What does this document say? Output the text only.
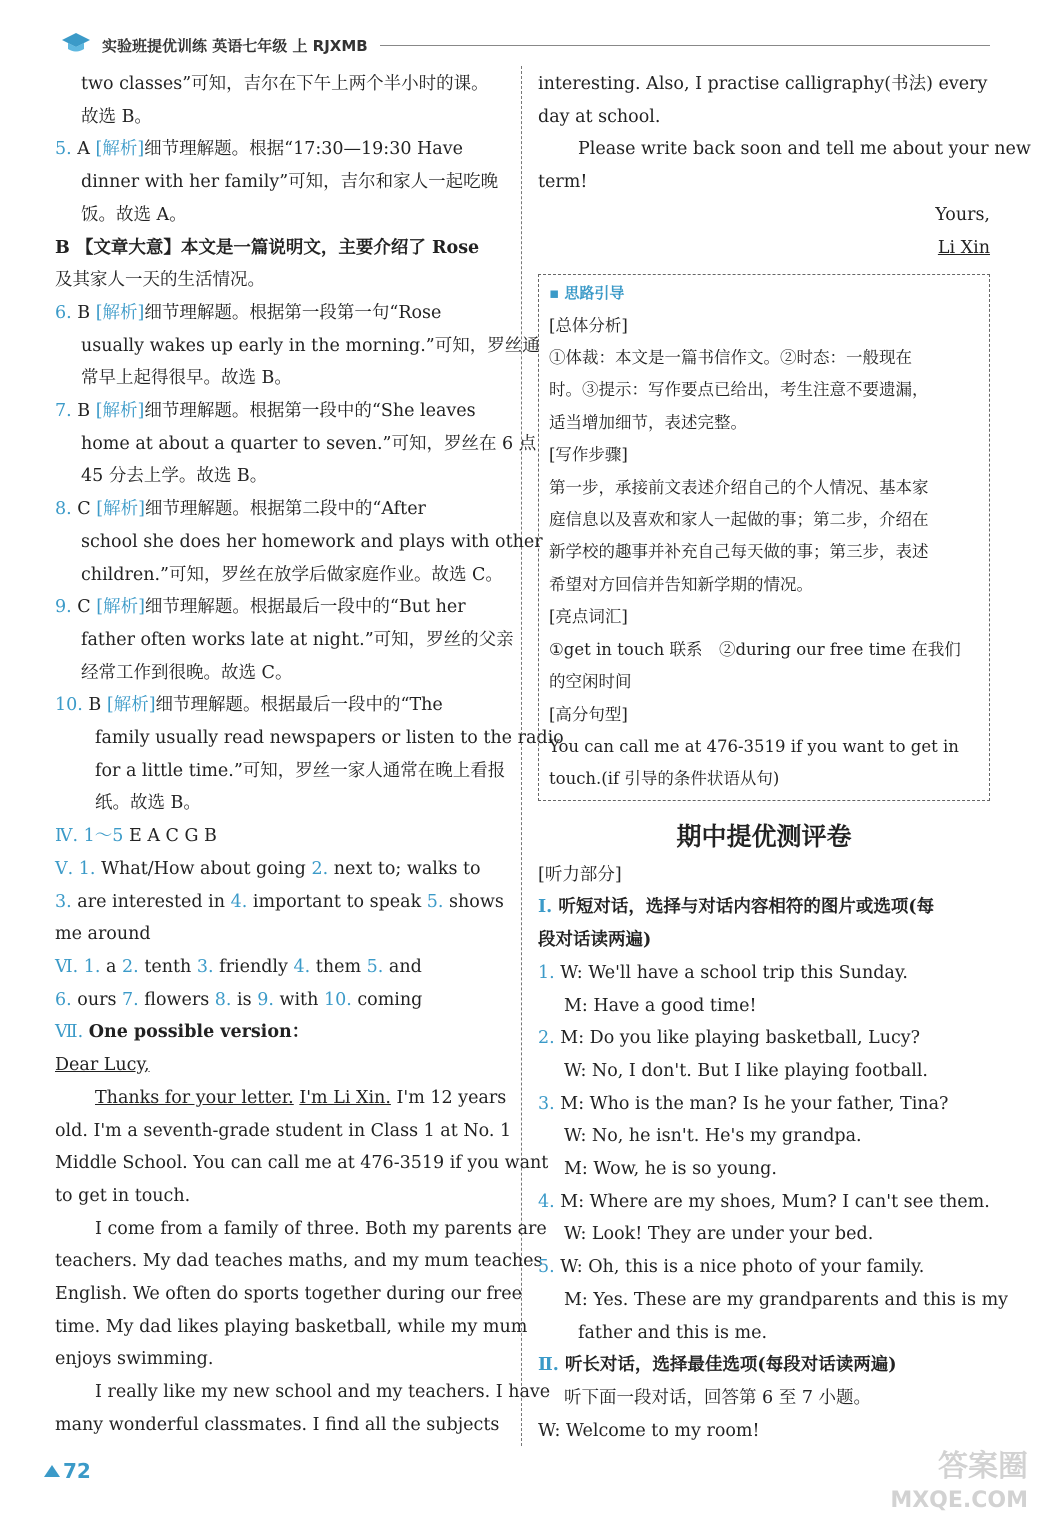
实验班提优训练 英语七年级 上 RJXMB
two classes”可知，吉尔在下午上两个半小时的课。
故选 B。
5. A [解析]细节理解题。根据“17:30—19:30 Have
dinner with her family”可知，吉尔和家人一起吃晚
饭。故选 A。
B 【文章大意】本文是一篇说明文，主要介绍了 Rose
及其家人一天的生活情况。
6. B [解析]细节理解题。根据第一段第一句“Rose
usually wakes up early in the morning.”可知，罗丝通
常早上起得很早。故选 B。
7. B [解析]细节理解题。根据第一段中的“She leaves
home at about a quarter to seven.”可知，罗丝在 6 点
45 分去上学。故选 B。
8. C [解析]细节理解题。根据第二段中的“After
school she does her homework and plays with other
children.”可知，罗丝在放学后做家庭作业。故选 C。
9. C [解析]细节理解题。根据最后一段中的“But her
father often works late at night.”可知，罗丝的父亲
经常工作到很晚。故选 C。
10. B [解析]细节理解题。根据最后一段中的“The
family usually read newspapers or listen to the radio
for a little time.”可知，罗丝一家人通常在晚上看报
纸。故选 B。
Ⅳ. 1～5 E A C G B
Ⅴ. 1. What/How about going 2. next to; walks to
3. are interested in 4. important to speak 5. shows
me around
Ⅵ. 1. a 2. tenth 3. friendly 4. them 5. and
6. ours 7. flowers 8. is 9. with 10. coming
Ⅶ. One possible version：
Dear Lucy,
Thanks for your letter. I'm Li Xin. I'm 12 years
old. I'm a seventh-grade student in Class 1 at No. 1
Middle School. You can call me at 476-3519 if you want
to get in touch.
I come from a family of three. Both my parents are
teachers. My dad teaches maths, and my mum teaches
English. We often do sports together during our free
time. My dad likes playing basketball, while my mum
enjoys swimming.
I really like my new school and my teachers. I have
many wonderful classmates. I find all the subjects
interesting. Also, I practise calligraphy(书法) every
day at school.
Please write back soon and tell me about your new
term!
Yours,
Li Xin
▪ 思路引导
[总体分析]
①体裁：本文是一篇书信作文。②时态：一般现在
时。③提示：写作要点已给出，考生注意不要遗漏，
适当增加细节，表述完整。
[写作步骤]
第一步，承接前文表述介绍自己的个人情况、基本家
庭信息以及喜欢和家人一起做的事；第二步，介绍在
新学校的趣事并补充自己每天做的事；第三步，表述
希望对方回信并告知新学期的情况。
[亮点词汇]
①get in touch 联系　②during our free time 在我们
的空闲时间
[高分句型]
You can call me at 476-3519 if you want to get in
touch.(if 引导的条件状语从句)
期中提优测评卷
[听力部分]
Ⅰ. 听短对话，选择与对话内容相符的图片或选项(每
段对话读两遍)
1. W: We'll have a school trip this Sunday.
M: Have a good time!
2. M: Do you like playing basketball, Lucy?
W: No, I don't. But I like playing football.
3. M: Who is the man? Is he your father, Tina?
W: No, he isn't. He's my grandpa.
M: Wow, he is so young.
4. M: Where are my shoes, Mum? I can't see them.
W: Look! They are under your bed.
5. W: Oh, this is a nice photo of your family.
M: Yes. These are my grandparents and this is my
father and this is me.
Ⅱ. 听长对话，选择最佳选项(每段对话读两遍)
听下面一段对话，回答第 6 至 7 小题。
W: Welcome to my room!
72	答案圈
MXQE.COM
